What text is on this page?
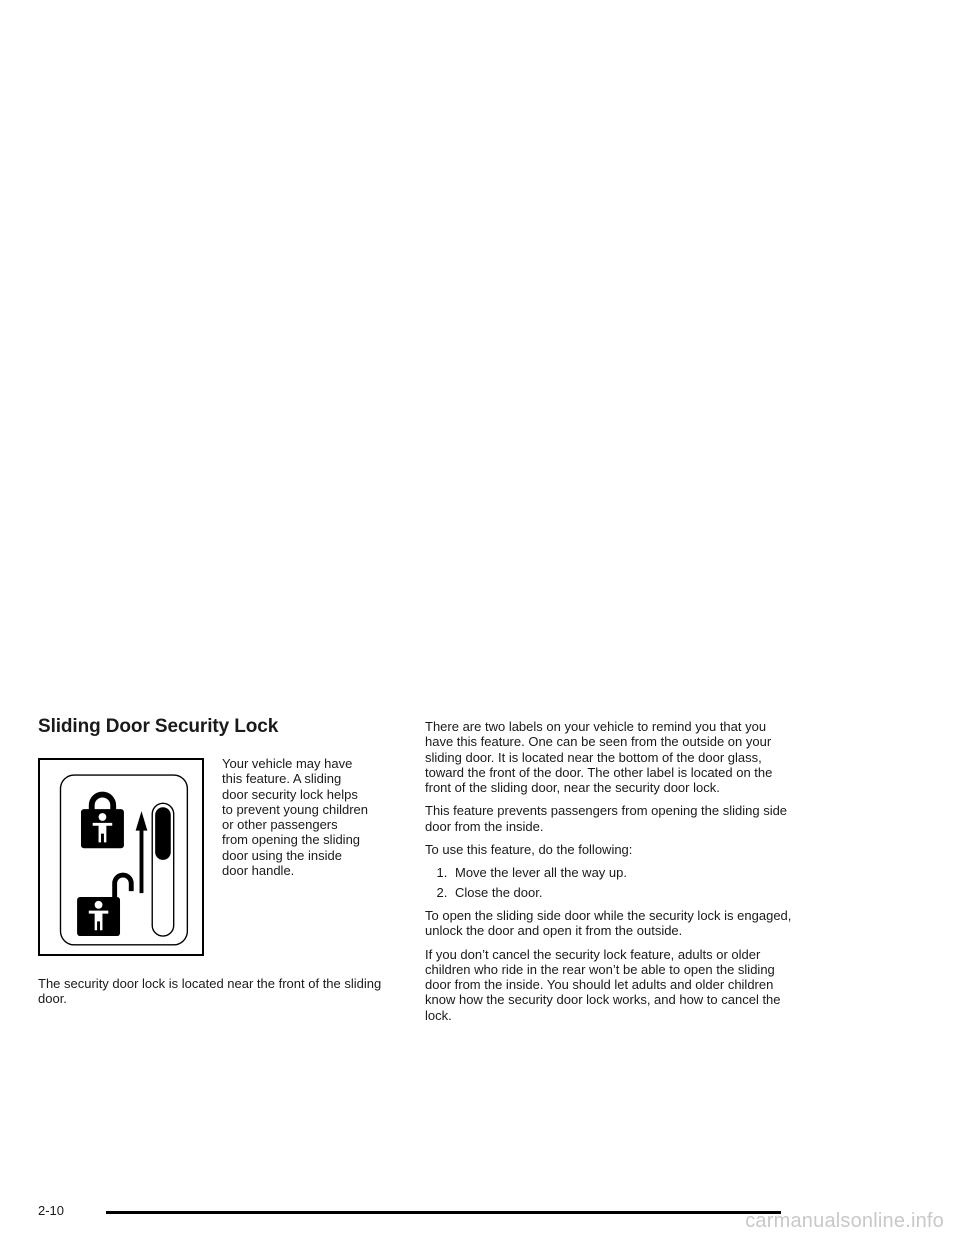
Sliding Door Security Lock
Your vehicle may have
this feature. A sliding
door security lock helps
to prevent young children
or other passengers
from opening the sliding
door using the inside
door handle.

The security door lock is located near the front of the sliding door.

There are two labels on your vehicle to remind you that you have this feature. One can be seen from the outside on your sliding door. It is located near the bottom of the door glass, toward the front of the door. The other label is located on the front of the sliding door, near the security door lock.

This feature prevents passengers from opening the sliding side door from the inside.

To use this feature, do the following:

1. Move the lever all the way up.
2. Close the door.

To open the sliding side door while the security lock is engaged, unlock the door and open it from the outside.

If you don’t cancel the security lock feature, adults or older children who ride in the rear won’t be able to open the sliding door from the inside. You should let adults and older children know how the security door lock works, and how to cancel the lock.

2-10	carmanualsonline.info
